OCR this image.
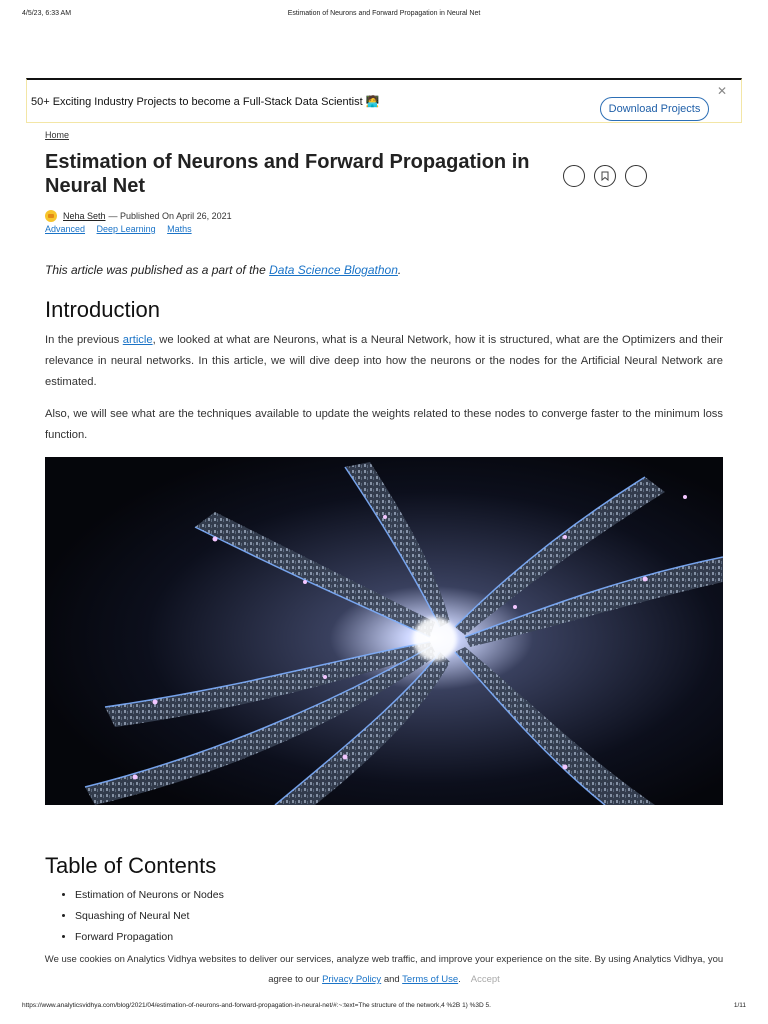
4/5/23, 6:33 AM	Estimation of Neurons and Forward Propagation in Neural Net
50+ Exciting Industry Projects to become a Full-Stack Data Scientist 🧑‍💻
Download Projects
✕
Home
Estimation of Neurons and Forward Propagation in Neural Net
Neha Seth — Published On April 26, 2021
Advanced Deep Learning Maths
This article was published as a part of the Data Science Blogathon.
Introduction

In the previous article, we looked at what are Neurons, what is a Neural Network, how it is structured, what are the Optimizers and their relevance in neural networks. In this article, we will dive deep into how the neurons or the nodes for the Artificial Neural Network are estimated.

Also, we will see what are the techniques available to update the weights related to these nodes to converge faster to the minimum loss function.

Table of Contents
• Estimation of Neurons or Nodes
• Squashing of Neural Net
• Forward Propagation
We use cookies on Analytics Vidhya websites to deliver our services, analyze web traffic, and improve your experience on the site. By using Analytics Vidhya, you
agree to our Privacy Policy and Terms of Use. Accept
https://www.analyticsvidhya.com/blog/2021/04/estimation-of-neurons-and-forward-propagation-in-neural-net/#:~:text=The structure of the network,4 %2B 1) %3D 5.	1/11
